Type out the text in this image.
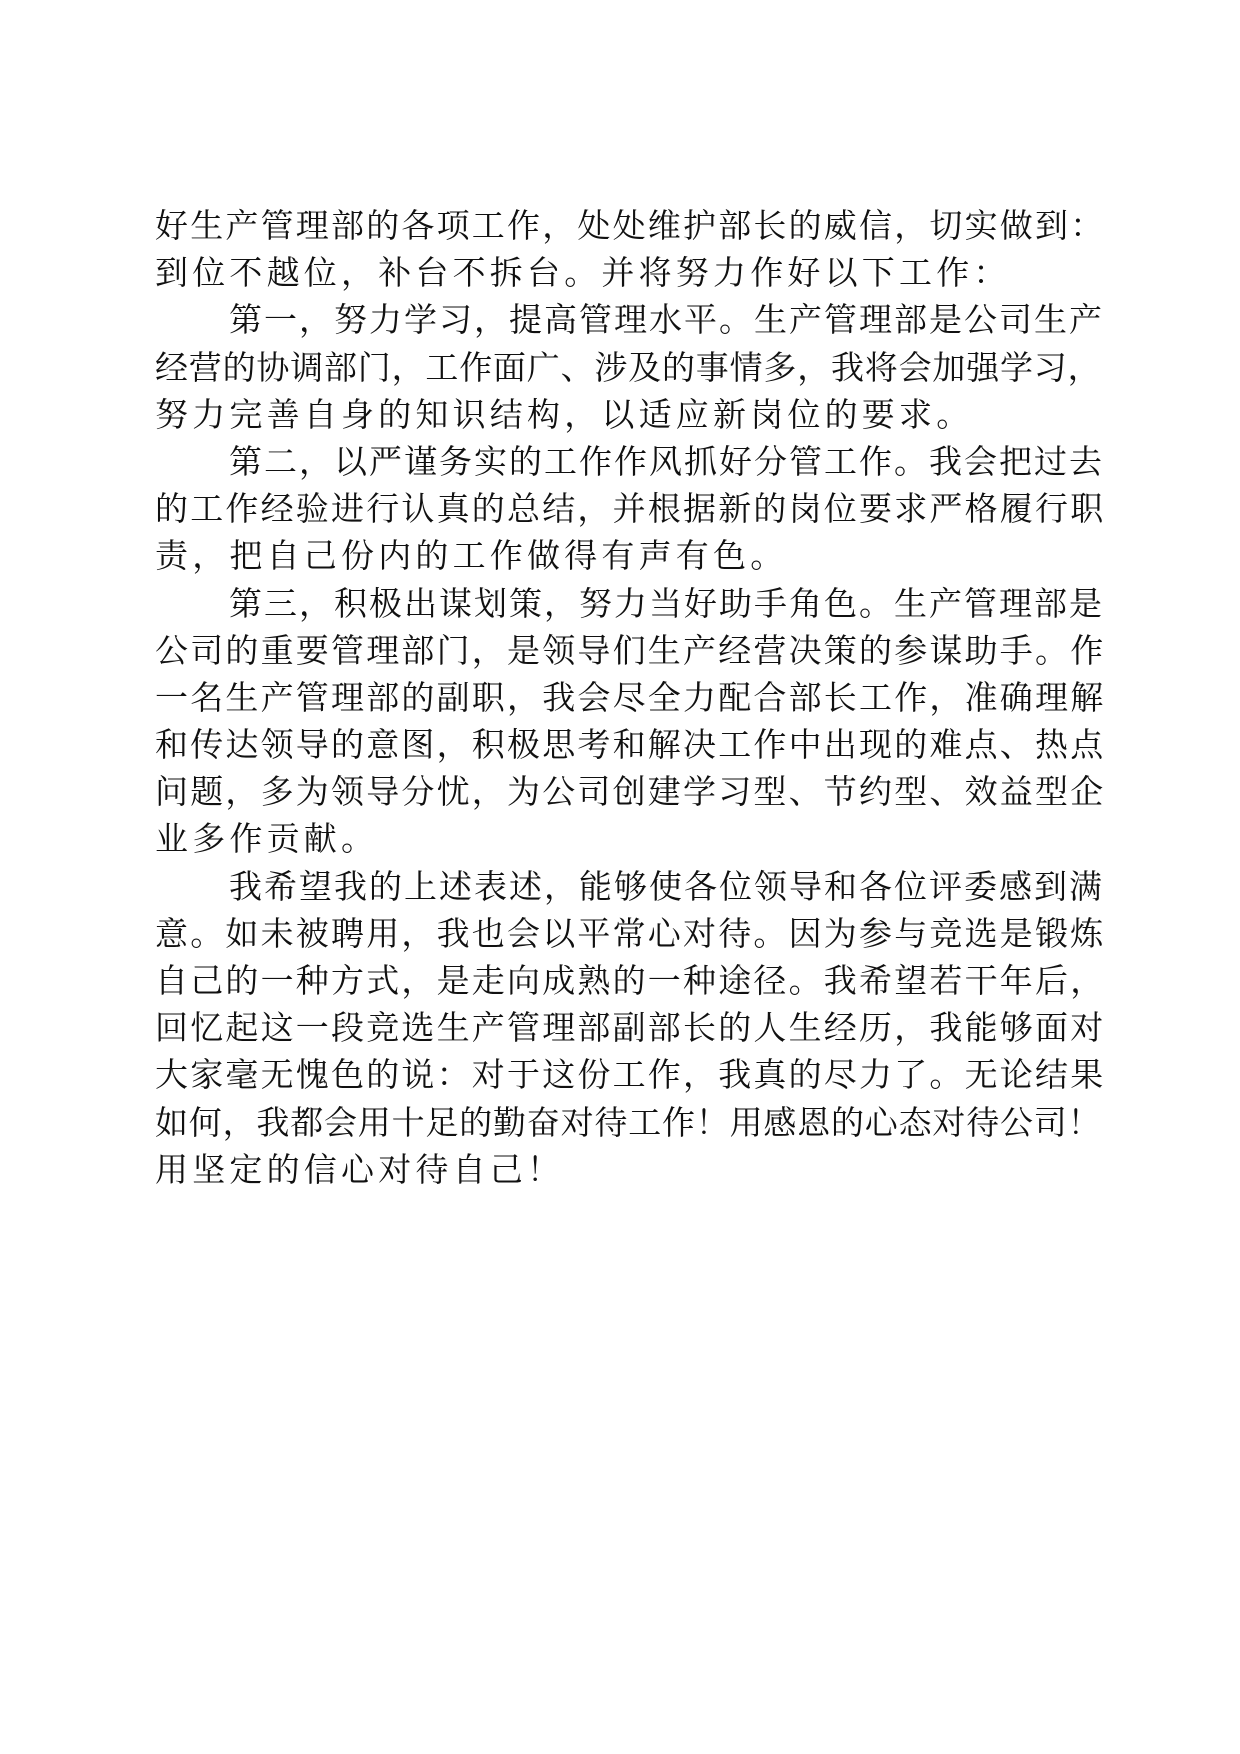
好生产管理部的各项工作，处处维护部长的威信，切实做到：
到位不越位，补台不拆台。并将努力作好以下工作：
第一，努力学习，提高管理水平。生产管理部是公司生产
经营的协调部门，工作面广、涉及的事情多，我将会加强学习，
努力完善自身的知识结构，以适应新岗位的要求。
第二，以严谨务实的工作作风抓好分管工作。我会把过去
的工作经验进行认真的总结，并根据新的岗位要求严格履行职
责，把自己份内的工作做得有声有色。
第三，积极出谋划策，努力当好助手角色。生产管理部是
公司的重要管理部门，是领导们生产经营决策的参谋助手。作
一名生产管理部的副职，我会尽全力配合部长工作，准确理解
和传达领导的意图，积极思考和解决工作中出现的难点、热点
问题，多为领导分忧，为公司创建学习型、节约型、效益型企
业多作贡献。
我希望我的上述表述，能够使各位领导和各位评委感到满
意。如未被聘用，我也会以平常心对待。因为参与竞选是锻炼
自己的一种方式，是走向成熟的一种途径。我希望若干年后，
回忆起这一段竞选生产管理部副部长的人生经历，我能够面对
大家毫无愧色的说：对于这份工作，我真的尽力了。无论结果
如何，我都会用十足的勤奋对待工作！用感恩的心态对待公司！
用坚定的信心对待自己！
